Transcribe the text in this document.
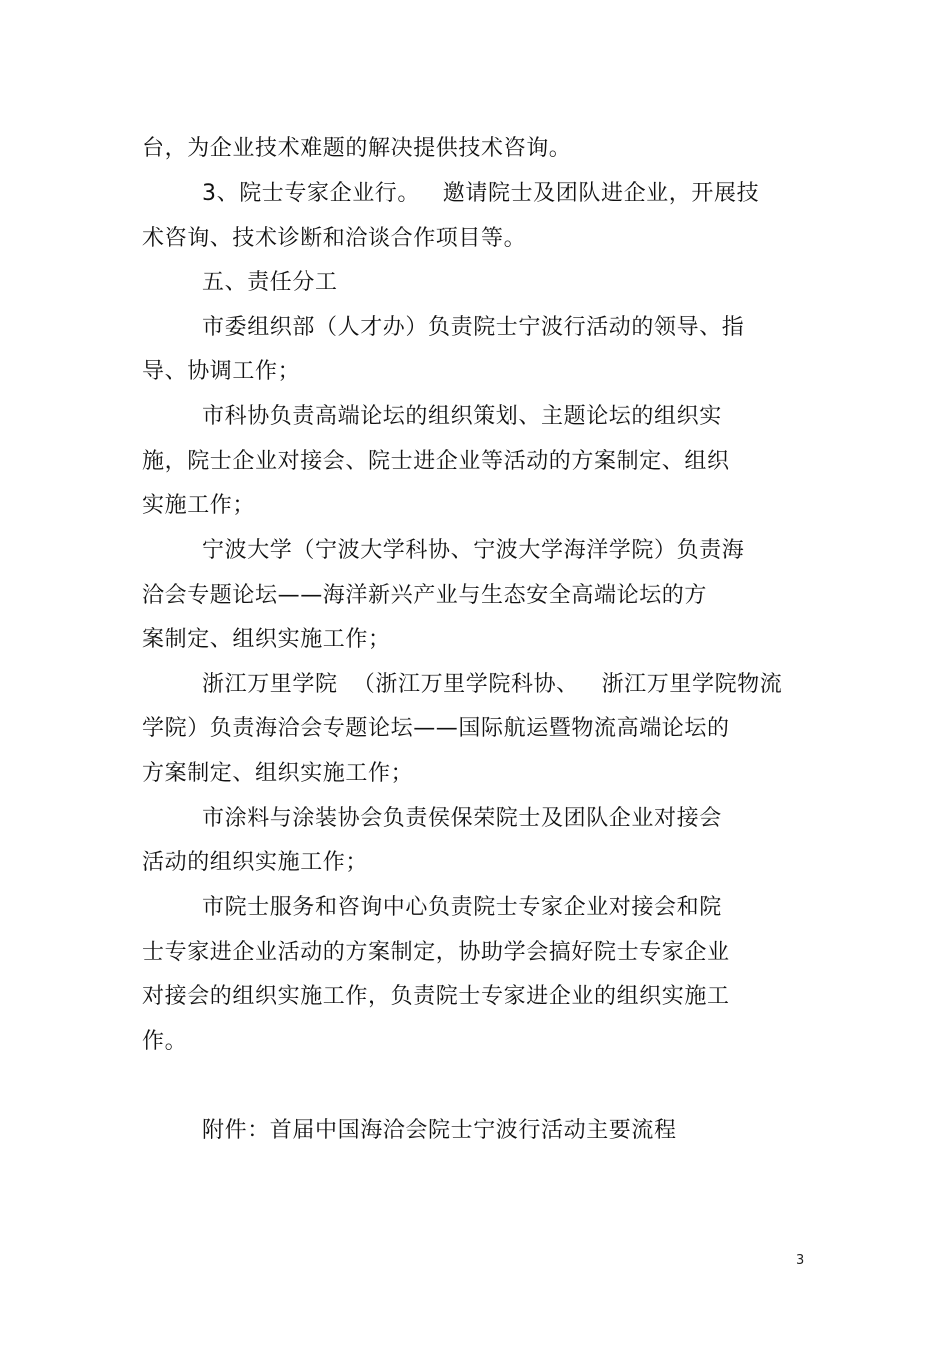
台，为企业技术难题的解决提供技术咨询。
3、院士专家企业行。   邀请院士及团队进企业，开展技
术咨询、技术诊断和洽谈合作项目等。
五、责任分工
市委组织部（人才办）负责院士宁波行活动的领导、指
导、协调工作；
市科协负责高端论坛的组织策划、主题论坛的组织实
施，院士企业对接会、院士进企业等活动的方案制定、组织
实施工作；
宁波大学（宁波大学科协、宁波大学海洋学院）负责海
洽会专题论坛——海洋新兴产业与生态安全高端论坛的方
案制定、组织实施工作；
浙江万里学院  （浙江万里学院科协、   浙江万里学院物流
学院）负责海洽会专题论坛——国际航运暨物流高端论坛的
方案制定、组织实施工作；
市涂料与涂装协会负责侯保荣院士及团队企业对接会
活动的组织实施工作；
市院士服务和咨询中心负责院士专家企业对接会和院
士专家进企业活动的方案制定，协助学会搞好院士专家企业
对接会的组织实施工作，负责院士专家进企业的组织实施工
作。
附件：首届中国海洽会院士宁波行活动主要流程
3
